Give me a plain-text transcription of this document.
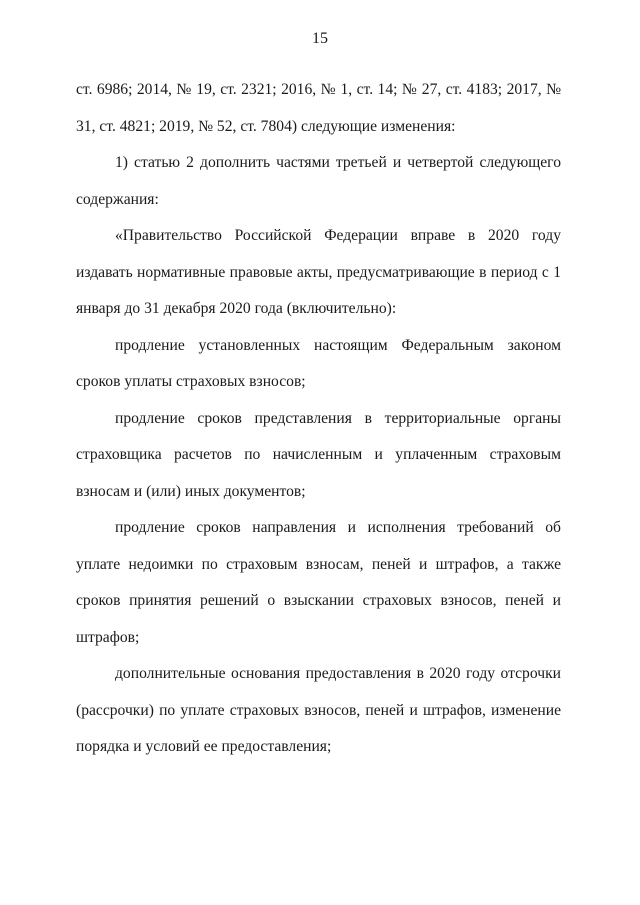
15

ст. 6986; 2014, № 19, ст. 2321; 2016, № 1, ст. 14; № 27, ст. 4183; 2017, № 31, ст. 4821; 2019, № 52, ст. 7804) следующие изменения:

1) статью 2 дополнить частями третьей и четвертой следующего содержания:

«Правительство Российской Федерации вправе в 2020 году издавать нормативные правовые акты, предусматривающие в период с 1 января до 31 декабря 2020 года (включительно):

продление установленных настоящим Федеральным законом сроков уплаты страховых взносов;

продление сроков представления в территориальные органы страховщика расчетов по начисленным и уплаченным страховым взносам и (или) иных документов;

продление сроков направления и исполнения требований об уплате недоимки по страховым взносам, пеней и штрафов, а также сроков принятия решений о взыскании страховых взносов, пеней и штрафов;

дополнительные основания предоставления в 2020 году отсрочки (рассрочки) по уплате страховых взносов, пеней и штрафов, изменение порядка и условий ее предоставления;
